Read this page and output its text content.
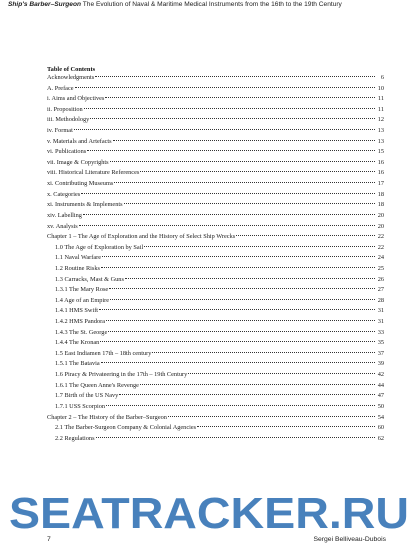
Ship's Barber–Surgeon The Evolution of Naval & Maritime Medical Instruments from the 16th to the 19th Century
Table of Contents
Acknowledgments	6
A. Preface	10
i. Aims and Objectives	11
ii. Proposition	11
iii. Methodology	12
iv. Format	13
v. Materials and Artefacts	13
vi. Publications	15
vii. Image & Copyrights	16
viii. Historical Literature References	16
xi. Contributing Museums	17
x. Categories	18
xi. Instruments & Implements	18
xiv. Labelling	20
xv. Analysis	20
Chapter 1 – The Age of Exploration and the History of Select Ship Wrecks	22
1.0 The Age of Exploration by Sail	22
1.1 Naval Warfare	24
1.2 Routine Risks	25
1.3 Carracks, Mast & Guns	26
1.3.1 The Mary Rose	27
1.4 Age of an Empire	28
1.4.1 HMS Swift	31
1.4.2 HMS Pandora	31
1.4.3 The St. George	33
1.4.4 The Kronan	35
1.5 East Indiamen 17th – 18th century	37
1.5.1 The Batavia	39
1.6 Piracy & Privateering in the 17th – 19th Century	42
1.6.1 The Queen Anne's Revenge	44
1.7 Birth of the US Navy	47
1.7.1 USS Scorpion	50
Chapter 2 – The History of the Barber–Surgeon	54
2.1 The Barber-Surgeon Company & Colonial Agencies	60
2.2 Regulations	62
SEATRACKER.RU
7	Sergei Belliveau-Dubois
